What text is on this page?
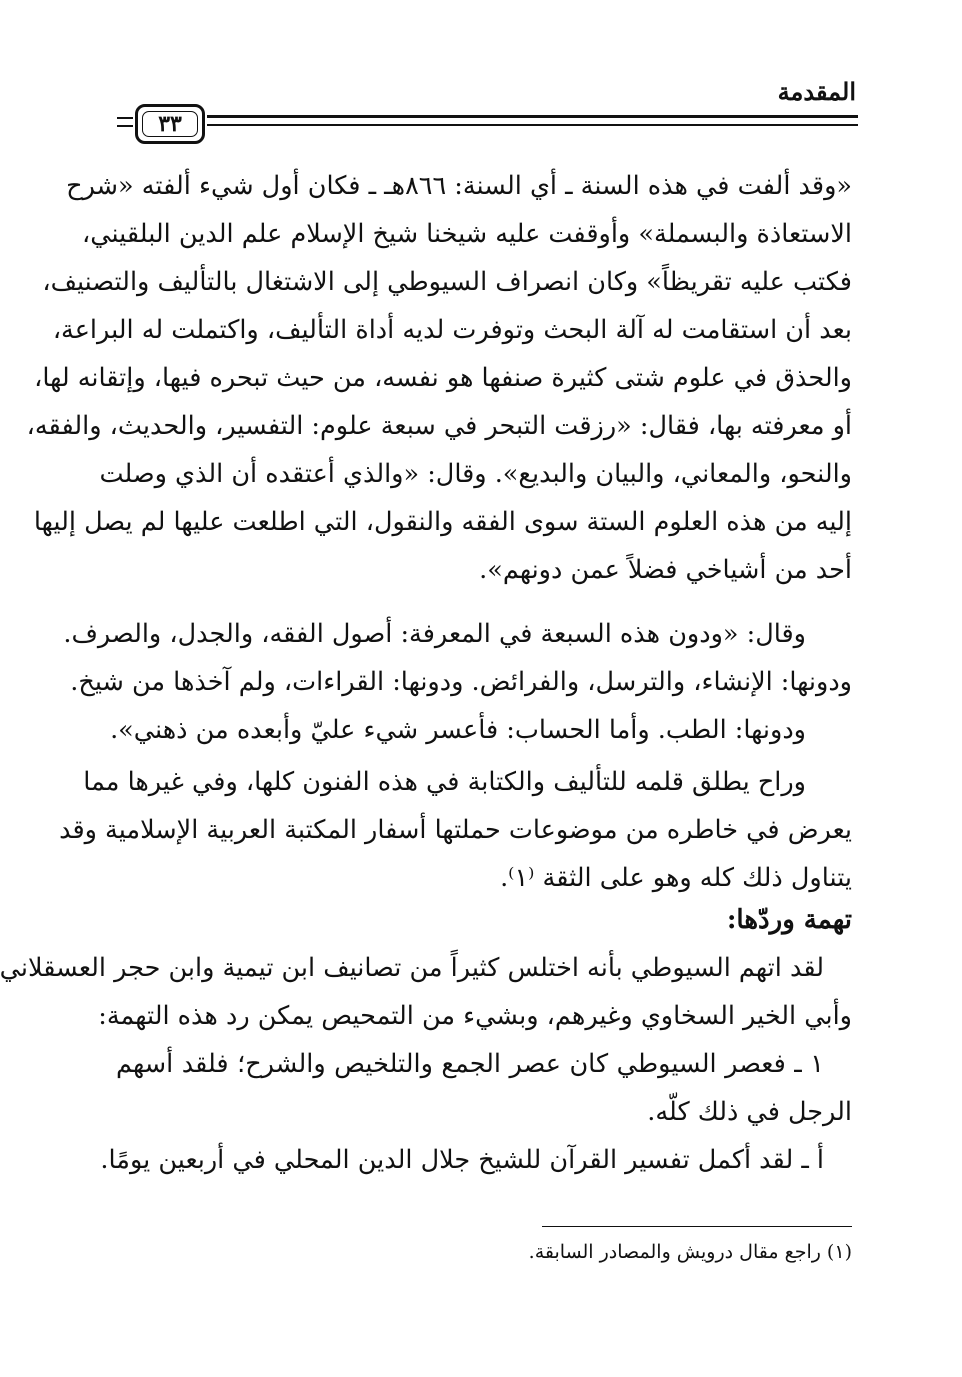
المقدمة
٣٣
«وقد ألفت في هذه السنة ـ أي السنة: ٨٦٦هـ ـ فكان أول شيء ألفته «شرح
الاستعاذة والبسملة» وأوقفت عليه شيخنا شيخ الإسلام علم الدين البلقيني،
فكتب عليه تقريظاً» وكان انصراف السيوطي إلى الاشتغال بالتأليف والتصنيف،
بعد أن استقامت له آلة البحث وتوفرت لديه أداة التأليف، واكتملت له البراعة،
والحذق في علوم شتى كثيرة صنفها هو نفسه، من حيث تبحره فيها، وإتقانه لها،
أو معرفته بها، فقال: «رزقت التبحر في سبعة علوم: التفسير، والحديث، والفقه،
والنحو، والمعاني، والبيان والبديع». وقال: «والذي أعتقده أن الذي وصلت
إليه من هذه العلوم الستة سوى الفقه والنقول، التي اطلعت عليها لم يصل إليها
أحد من أشياخي فضلاً عمن دونهم».
وقال: «ودون هذه السبعة في المعرفة: أصول الفقه، والجدل، والصرف.
ودونها: الإنشاء، والترسل، والفرائض. ودونها: القراءات، ولم آخذها من شيخ.
ودونها: الطب. وأما الحساب: فأعسر شيء عليّ وأبعده من ذهني».
وراح يطلق قلمه للتأليف والكتابة في هذه الفنون كلها، وفي غيرها مما
يعرض في خاطره من موضوعات حملتها أسفار المكتبة العربية الإسلامية وقد
يتناول ذلك كله وهو على الثقة ⁽١⁾.
تهمة وردّها:
لقد اتهم السيوطي بأنه اختلس كثيراً من تصانيف ابن تيمية وابن حجر العسقلاني
وأبي الخير السخاوي وغيرهم، وبشيء من التمحيص يمكن رد هذه التهمة:
١ ـ فعصر السيوطي كان عصر الجمع والتلخيص والشرح؛ فلقد أسهم
الرجل في ذلك كلّه.
أ ـ لقد أكمل تفسير القرآن للشيخ جلال الدين المحلي في أربعين يومًا.
(١) راجع مقال درويش والمصادر السابقة.
